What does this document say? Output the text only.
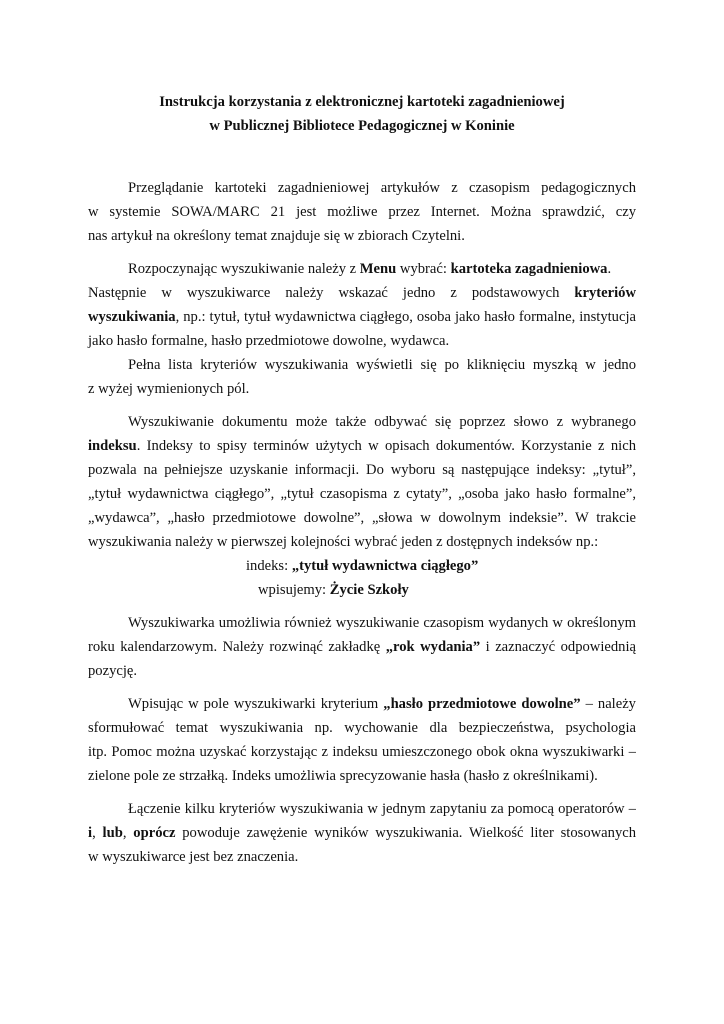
Instrukcja korzystania z elektronicznej kartoteki zagadnieniowej

w Publicznej Bibliotece Pedagogicznej w Koninie

Przeglądanie kartoteki zagadnieniowej artykułów z czasopism pedagogicznych

w systemie SOWA/MARC 21 jest możliwe przez Internet. Można sprawdzić, czy

nas artykuł na określony temat znajduje się w zbiorach Czytelni.

Rozpoczynając wyszukiwanie należy z Menu wybrać: kartoteka zagadnieniowa.

Następnie w wyszukiwarce należy wskazać jedno z podstawowych kryteriów

wyszukiwania, np.: tytuł, tytuł wydawnictwa ciągłego, osoba jako hasło formalne, instytucja

jako hasło formalne, hasło przedmiotowe dowolne, wydawca.

Pełna lista kryteriów wyszukiwania wyświetli się po kliknięciu myszką w jedno

z wyżej wymienionych pól.

Wyszukiwanie dokumentu może także odbywać się poprzez słowo z wybranego

indeksu. Indeksy to spisy terminów użytych w opisach dokumentów. Korzystanie z nich

pozwala na pełniejsze uzyskanie informacji. Do wyboru są następujące indeksy: „tytuł”,

„tytuł wydawnictwa ciągłego”, „tytuł czasopisma z cytaty”, „osoba jako hasło formalne”,

„wydawca”, „hasło przedmiotowe dowolne”, „słowa w dowolnym indeksie”. W trakcie

wyszukiwania należy w pierwszej kolejności wybrać jeden z dostępnych indeksów np.:

indeks: „tytuł wydawnictwa ciągłego”

wpisujemy: Życie Szkoły

Wyszukiwarka umożliwia również wyszukiwanie czasopism wydanych w określonym

roku kalendarzowym. Należy rozwinąć zakładkę „rok wydania” i zaznaczyć odpowiednią

pozycję.

Wpisując w pole wyszukiwarki kryterium „hasło przedmiotowe dowolne” – należy

sformułować temat wyszukiwania np. wychowanie dla bezpieczeństwa, psychologia

itp. Pomoc można uzyskać korzystając z indeksu umieszczonego obok okna wyszukiwarki –

zielone pole ze strzałką. Indeks umożliwia sprecyzowanie hasła (hasło z określnikami).

Łączenie kilku kryteriów wyszukiwania w jednym zapytaniu za pomocą operatorów –

i, lub, oprócz powoduje zawężenie wyników wyszukiwania. Wielkość liter stosowanych

w wyszukiwarce jest bez znaczenia.
